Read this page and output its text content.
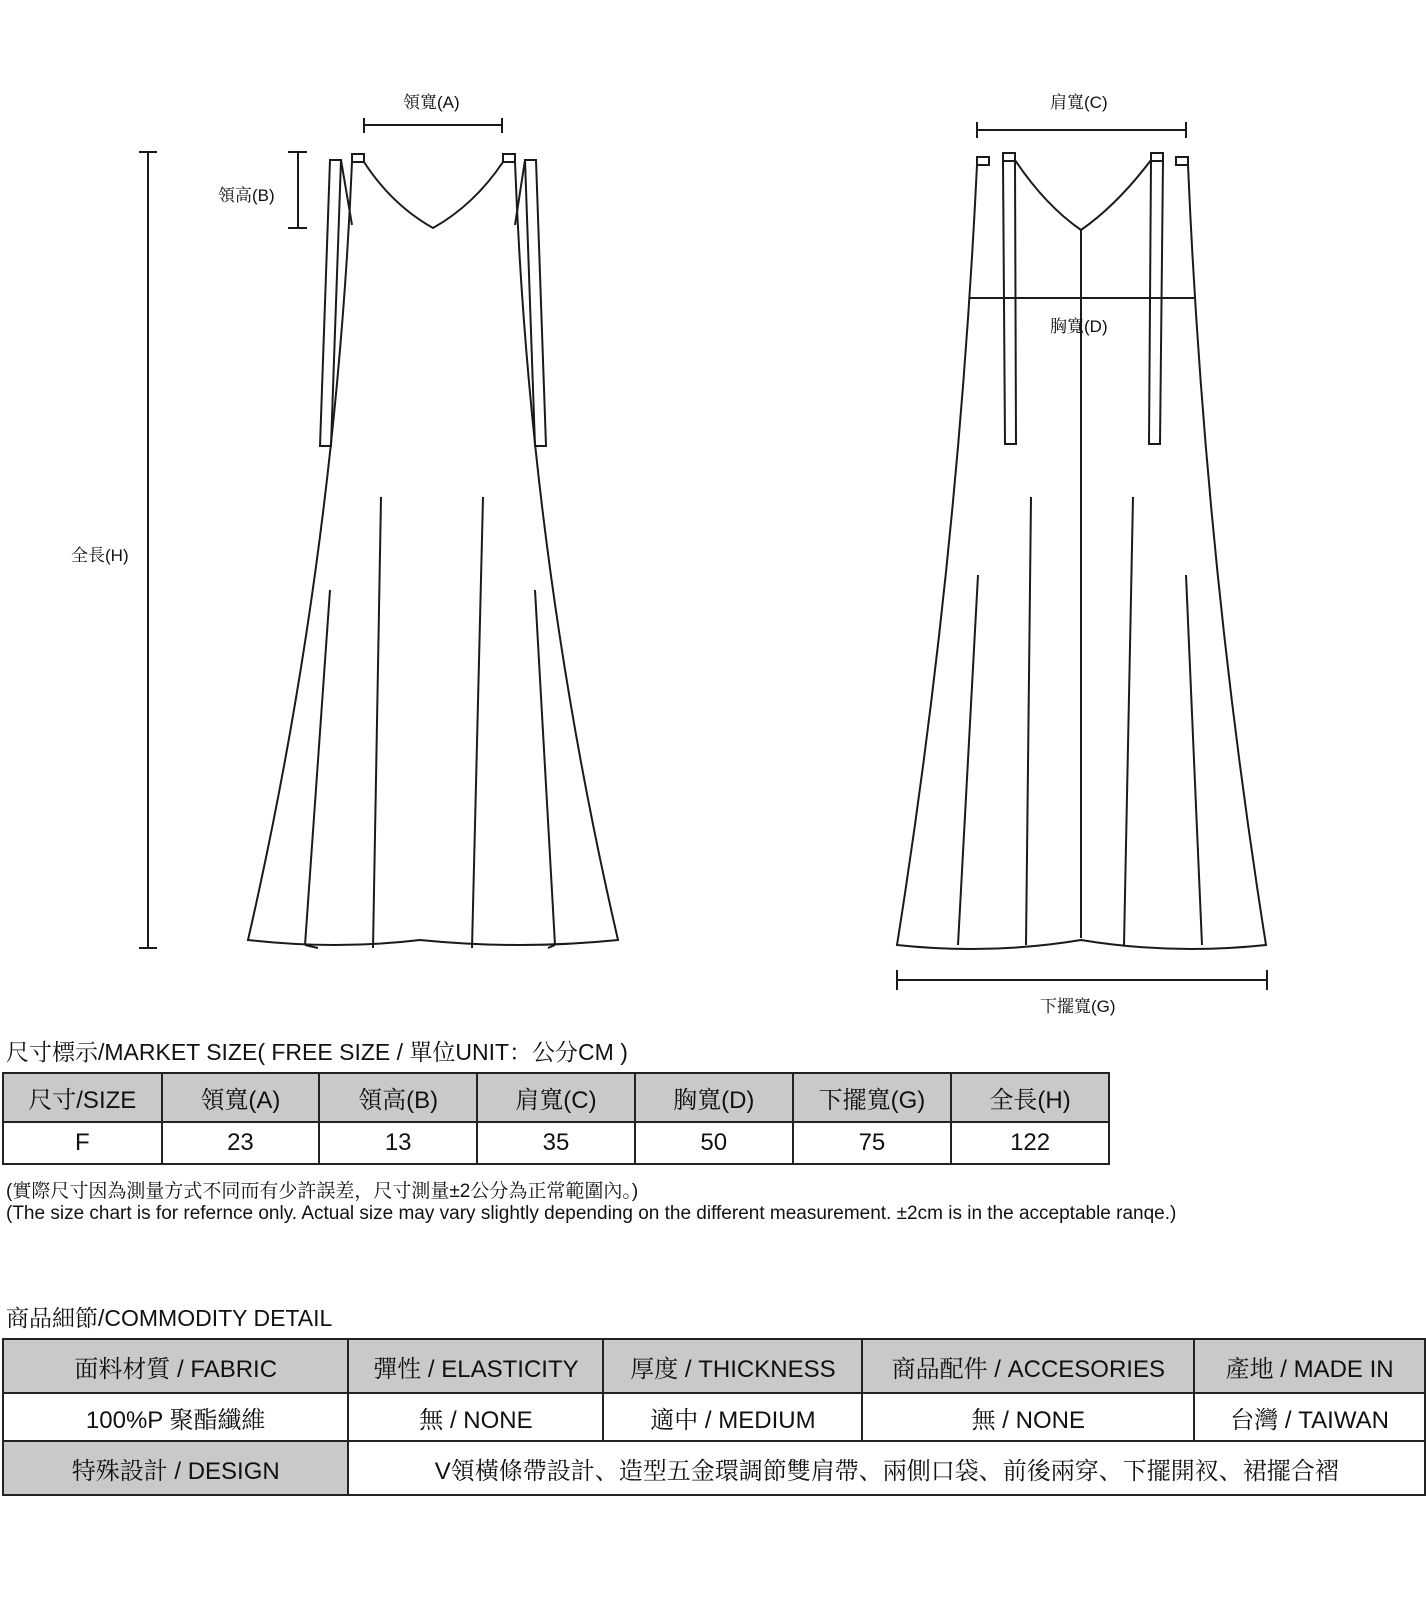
領寬(A)
領高(B)
全長(H)
肩寬(C)
胸寬(D)
下擺寬(G)
尺寸標示/MARKET SIZE( FREE SIZE / 單位UNIT：公分CM )
尺寸/SIZE	領寬(A)	領高(B)	肩寬(C)	胸寬(D)	下擺寬(G)	全長(H)
F	23	13	35	50	75	122
(實際尺寸因為測量方式不同而有少許誤差，尺寸測量±2公分為正常範圍內。)
(The size chart is for refernce only. Actual size may vary slightly depending on the different measurement. ±2cm is in the acceptable ranqe.)
商品細節/COMMODITY DETAIL
面料材質 / FABRIC	彈性 / ELASTICITY	厚度 / THICKNESS	商品配件 / ACCESORIES	產地 / MADE IN
100%P 聚酯纖維	無 / NONE	適中 / MEDIUM	無 / NONE	台灣 / TAIWAN
特殊設計 / DESIGN	V領橫條帶設計、造型五金環調節雙肩帶、兩側口袋、前後兩穿、下擺開衩、裙擺合褶			
